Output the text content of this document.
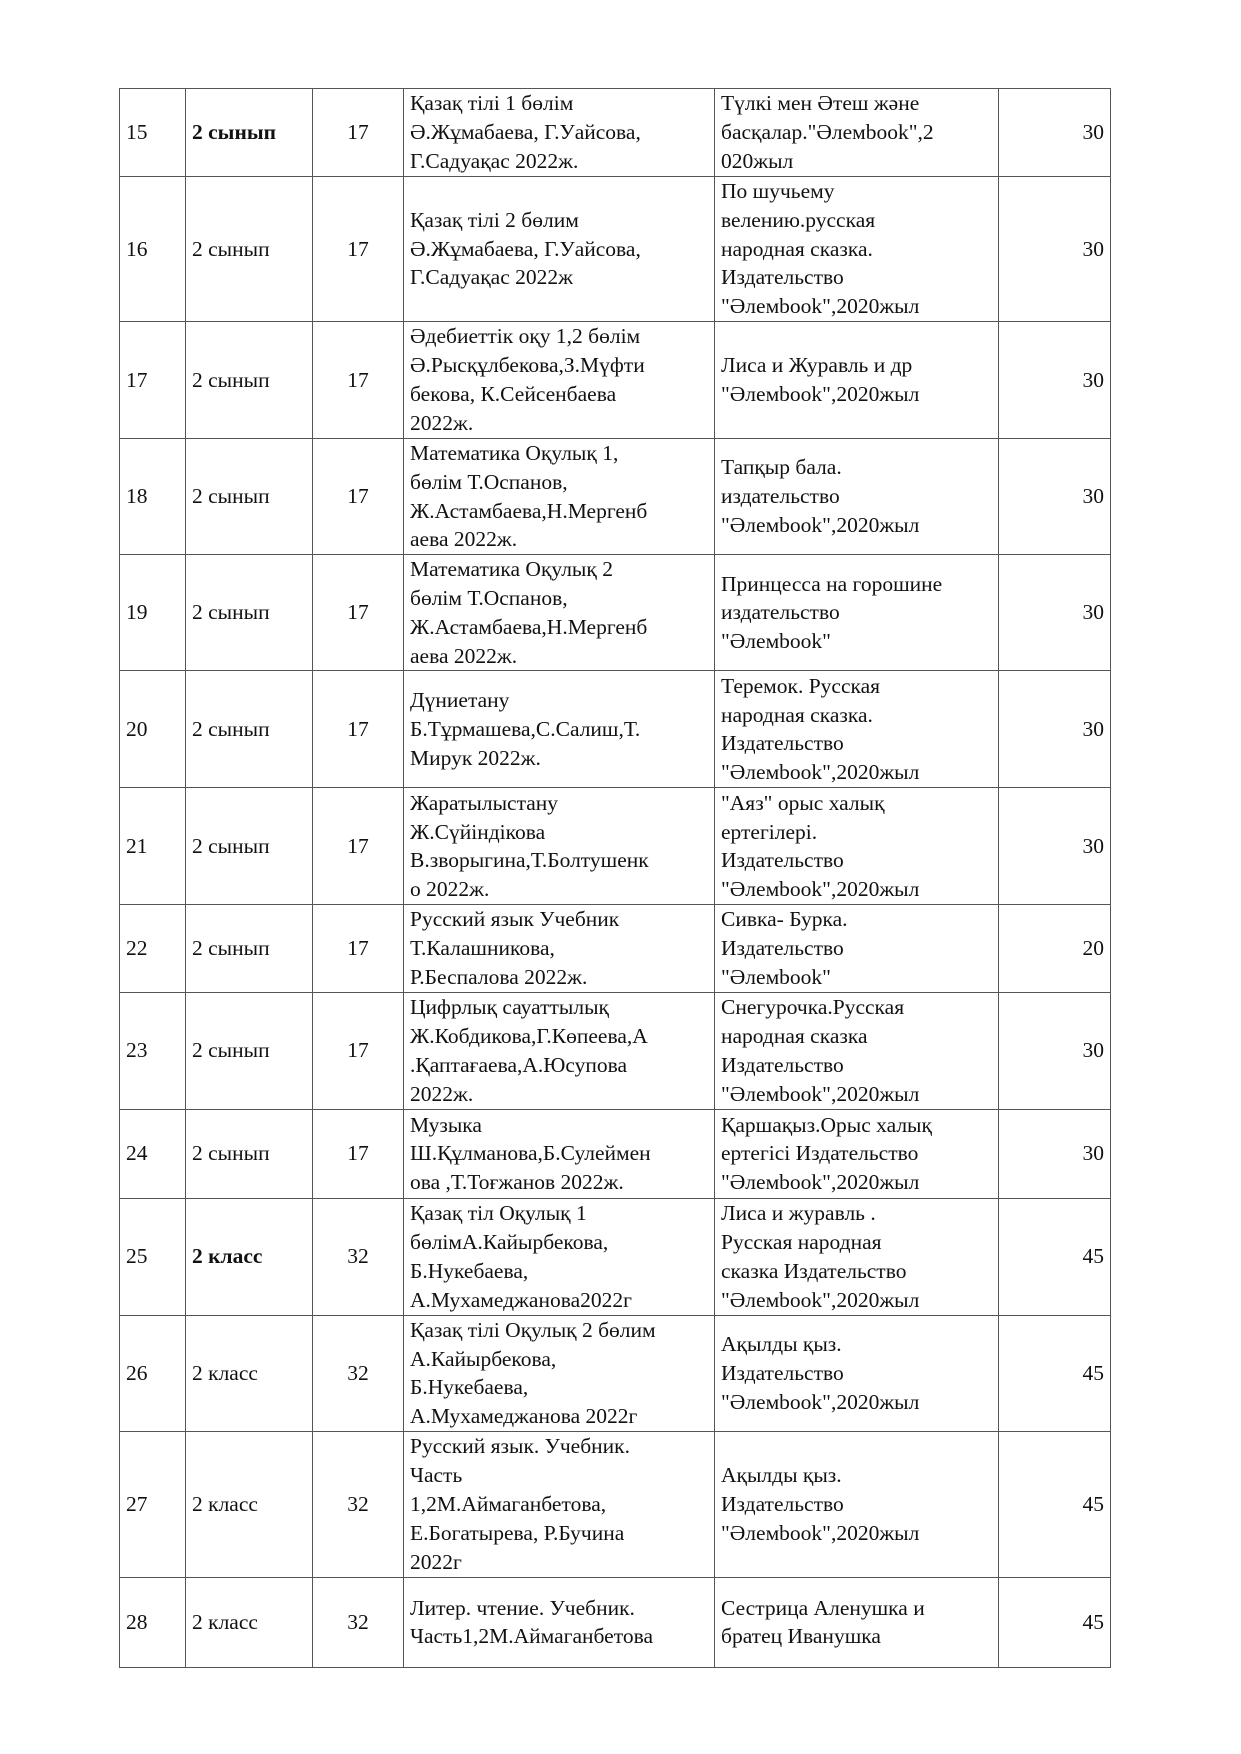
15	2 сынып	17	Қазақ тілі 1 бөлім
Ә.Жұмабаева, Г.Уайсова,
Г.Садуақас 2022ж.	Түлкі мен Әтеш және
басқалар."Әлемbook",2
020жыл	30
16	2 сынып	17	Қазақ тілі 2 бөлим
Ә.Жұмабаева, Г.Уайсова,
Г.Садуақас 2022ж	По шучьему
велению.русская
народная сказка.
Издательство
"Әлемbook",2020жыл	30
17	2 сынып	17	Әдебиеттік оқу 1,2 бөлім
Ә.Рысқұлбекова,З.Мүфти
бекова, К.Сейсенбаева
2022ж.	Лиса и Журавль и др
"Әлемbook",2020жыл	30
18	2 сынып	17	Математика Оқулық 1,
бөлім Т.Оспанов,
Ж.Астамбаева,Н.Мергенб
аева 2022ж.	Тапқыр бала.
издательство
"Әлемbook",2020жыл	30
19	2 сынып	17	Математика Оқулық 2
бөлім Т.Оспанов,
Ж.Астамбаева,Н.Мергенб
аева 2022ж.	Принцесса на горошине
издательство
"Әлемbook"	30
20	2 сынып	17	Дүниетану
Б.Тұрмашева,С.Салиш,Т.
Мирук 2022ж.	Теремок. Русская
народная сказка.
Издательство
"Әлемbook",2020жыл	30
21	2 сынып	17	Жаратылыстану
Ж.Сүйіндікова
В.зворыгина,Т.Болтушенк
о 2022ж.	"Аяз" орыс халық
ертегілері.
Издательство
"Әлемbook",2020жыл	30
22	2 сынып	17	Русский язык Учебник
Т.Калашникова,
Р.Беспалова 2022ж.	Сивка- Бурка.
Издательство
"Әлемbook"	20
23	2 сынып	17	Цифрлық сауаттылық
Ж.Кобдикова,Г.Көпеева,А
.Қаптағаева,А.Юсупова
2022ж.	Снегурочка.Русская
народная сказка
Издательство
"Әлемbook",2020жыл	30
24	2 сынып	17	Музыка
Ш.Құлманова,Б.Сулеймен
ова ,Т.Тоғжанов 2022ж.	Қаршақыз.Орыс халық
ертегісі Издательство
"Әлемbook",2020жыл	30
25	2 класс	32	Қазақ тіл Оқулық 1
бөлімА.Кайырбекова,
Б.Нукебаева,
А.Мухамеджанова2022г	Лиса и журавль .
Русская народная
сказка Издательство
"Әлемbook",2020жыл	45
26	2 класс	32	Қазақ тілі Оқулық 2 бөлим
А.Кайырбекова,
Б.Нукебаева,
А.Мухамеджанова 2022г	Ақылды қыз.
Издательство
"Әлемbook",2020жыл	45
27	2 класс	32	Русский язык. Учебник.
Часть
1,2М.Аймаганбетова,
Е.Богатырева, Р.Бучина
2022г	Ақылды қыз.
Издательство
"Әлемbook",2020жыл	45
28	2 класс	32	Литер. чтение. Учебник.
Часть1,2М.Аймаганбетова	Сестрица Аленушка и
братец Иванушка	45
